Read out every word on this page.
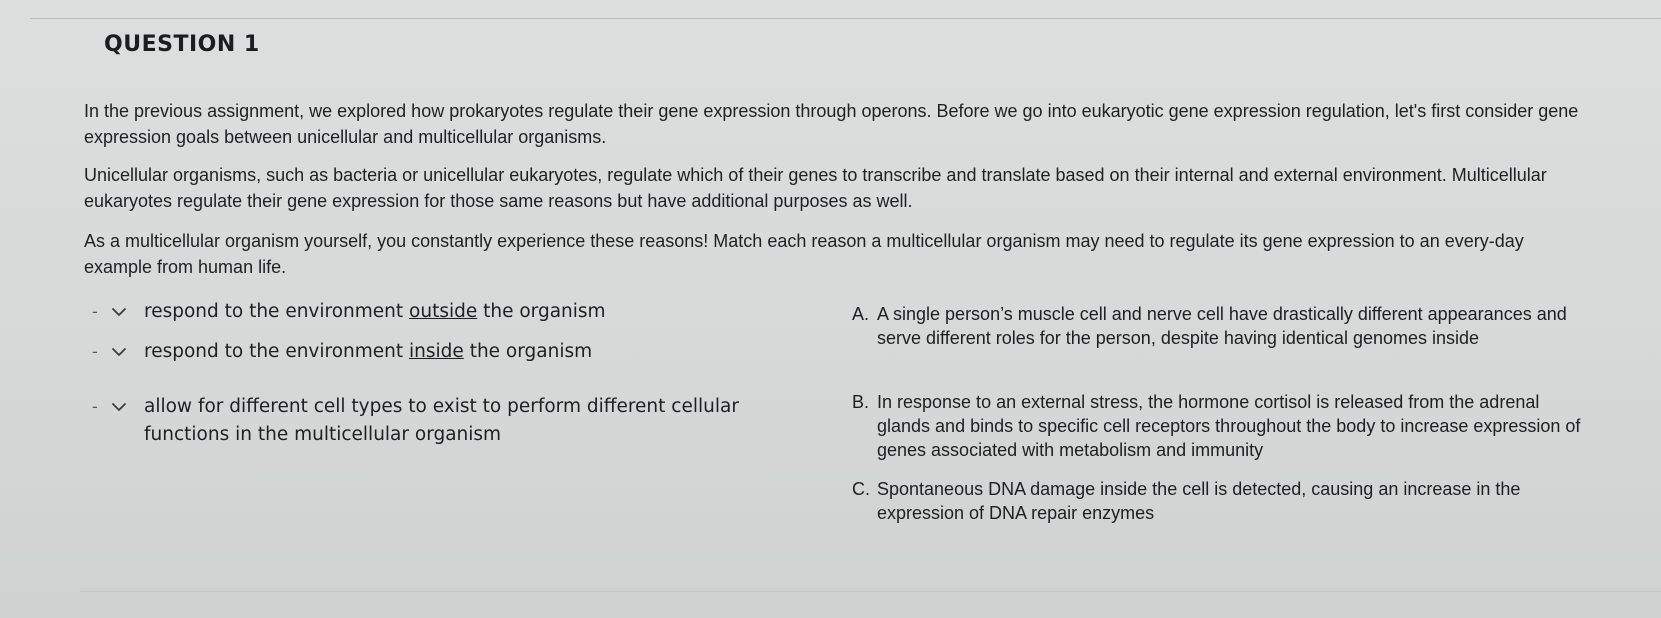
QUESTION 1

In the previous assignment, we explored how prokaryotes regulate their gene expression through operons. Before we go into eukaryotic gene expression regulation, let's first consider gene expression goals between unicellular and multicellular organisms.

Unicellular organisms, such as bacteria or unicellular eukaryotes, regulate which of their genes to transcribe and translate based on their internal and external environment. Multicellular eukaryotes regulate their gene expression for those same reasons but have additional purposes as well.

As a multicellular organism yourself, you constantly experience these reasons! Match each reason a multicellular organism may need to regulate its gene expression to an every-day example from human life.

-	respond to the environment outside the organism
-	respond to the environment inside the organism
-	allow for different cell types to exist to perform different cellular functions in the multicellular organism
A. A single person’s muscle cell and nerve cell have drastically different appearances and serve different roles for the person, despite having identical genomes inside
B. In response to an external stress, the hormone cortisol is released from the adrenal glands and binds to specific cell receptors throughout the body to increase expression of genes associated with metabolism and immunity
C. Spontaneous DNA damage inside the cell is detected, causing an increase in the expression of DNA repair enzymes
